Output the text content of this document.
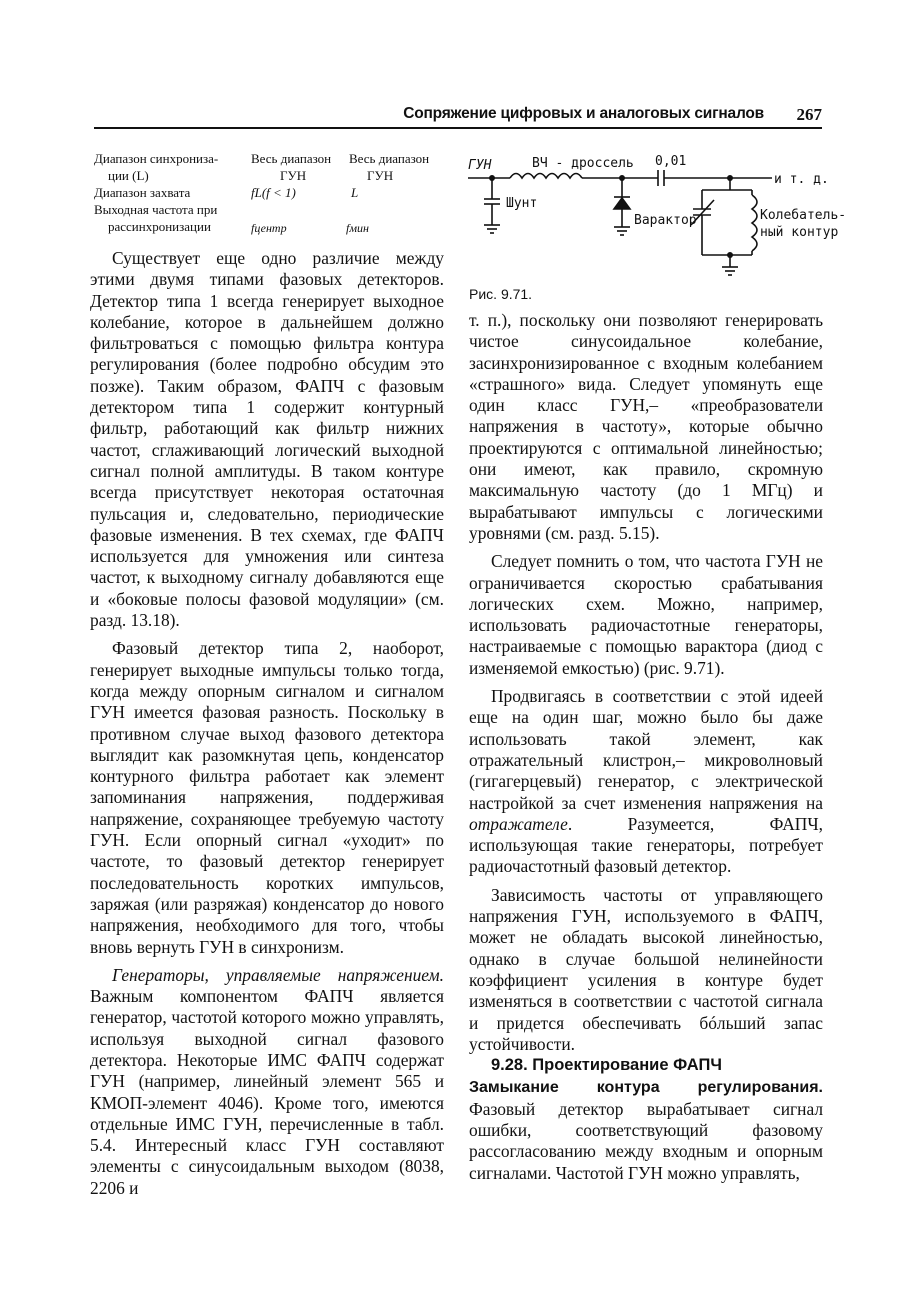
Сопряжение цифровых и аналоговых сигналов 267
Диапазон синхрониза-	Весь диапазон Весь диапазон
ции (L)	ГУН	ГУН
Диапазон захвата	fL(f < 1)	L
Выходная частота при
рассинхронизации	fцентр	fмин
ГУН	ВЧ - дроссель 0,01
и т. д.
Шунт
Варактор	Колебатель-
ный контур
Рис. 9.71.

Существует еще одно различие между этими двумя типами фазовых детекторов. Детектор типа 1 всегда генерирует выходное колебание, которое в дальнейшем должно фильтроваться с помощью фильтра контура регулирования (более подробно обсудим это позже). Таким образом, ФАПЧ с фазовым детектором типа 1 содержит контурный фильтр, работающий как фильтр нижних частот, сглаживающий логический выходной сигнал полной амплитуды. В таком контуре всегда присутствует некоторая остаточная пульсация и, следовательно, периодические фазовые изменения. В тех схемах, где ФАПЧ используется для умножения или синтеза частот, к выходному сигналу добавляются еще и «боковые полосы фазовой модуляции» (см. разд. 13.18).

Фазовый детектор типа 2, наоборот, генерирует выходные импульсы только тогда, когда между опорным сигналом и сигналом ГУН имеется фазовая разность. Поскольку в противном случае выход фазового детектора выглядит как разомкнутая цепь, конденсатор контурного фильтра работает как элемент запоминания напряжения, поддерживая напряжение, сохраняющее требуемую частоту ГУН. Если опорный сигнал «уходит» по частоте, то фазовый детектор генерирует последовательность коротких импульсов, заряжая (или разряжая) конденсатор до нового напряжения, необходимого для того, чтобы вновь вернуть ГУН в синхронизм.

Генераторы, управляемые напряжением. Важным компонентом ФАПЧ является генератор, частотой которого можно управлять, используя выходной сигнал фазового детектора. Некоторые ИМС ФАПЧ содержат ГУН (например, линейный элемент 565 и КМОП-элемент 4046). Кроме того, имеются отдельные ИМС ГУН, перечисленные в табл. 5.4. Интересный класс ГУН составляют элементы с синусоидальным выходом (8038, 2206 и

т. п.), поскольку они позволяют генерировать чистое синусоидальное колебание, засинхронизированное с входным колебанием «страшного» вида. Следует упомянуть еще один класс ГУН,– «преобразователи напряжения в частоту», которые обычно проектируются с оптимальной линейностью; они имеют, как правило, скромную максимальную частоту (до 1 МГц) и вырабатывают импульсы с логическими уровнями (см. разд. 5.15).

Следует помнить о том, что частота ГУН не ограничивается скоростью срабатывания логических схем. Можно, например, использовать радиочастотные генераторы, настраиваемые с помощью варактора (диод с изменяемой емкостью) (рис. 9.71).

Продвигаясь в соответствии с этой идеей еще на один шаг, можно было бы даже использовать такой элемент, как отражательный клистрон,– микроволновый (гигагерцевый) генератор, с электрической настройкой за счет изменения напряжения на отражателе. Разумеется, ФАПЧ, использующая такие генераторы, потребует радиочастотный фазовый детектор.

Зависимость частоты от управляющего напряжения ГУН, используемого в ФАПЧ, может не обладать высокой линейностью, однако в случае большой нелинейности коэффициент усиления в контуре будет изменяться в соответствии с частотой сигнала и придется обеспечивать бóльший запас устойчивости.

9.28. Проектирование ФАПЧ

Замыкание контура регулирования. Фазовый детектор вырабатывает сигнал ошибки, соответствующий фазовому рассогласованию между входным и опорным сигналами. Частотой ГУН можно управлять,
